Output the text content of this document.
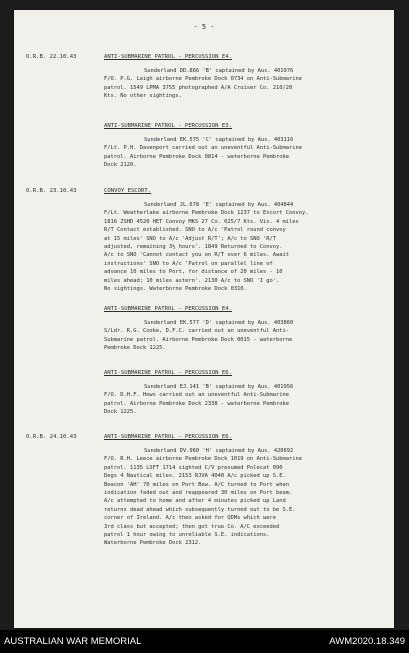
- 5 -
O.R.B. 22.10.43	ANTI-SUBMARINE PATROL - PERCUSSION E4.
Sunderland DD.866 'B' captained by Aus. 401976
F/O. P.G. Leigh airborne Pembroke Dock 0734 on Anti-Submarine
patrol. 1549 LPMA 3755 photographed A/A Cruiser Co. 210/20
Kts. No other sightings.
ANTI-SUBMARINE PATROL - PERCUSSION E3.
Sunderland EK.575 'C' captained by Aus. 403116
F/Lt. P.H. Davenport carried out an uneventful Anti-Submarine
patrol. Airborne Pembroke Dock 0814 - waterborne Pembroke
Dock 2120.
O.R.B. 23.10.43	CONVOY ESCORT.
Sunderland JL.678 'E' captained by Aus. 404844
F/Lt. Weatherlake airborne Pembroke Dock 1237 to Escort Convoy.
1816 ZSHD 4520 HET Convoy MKS 27 Co. 025/7 Kts. Vis. 4 miles
R/T Contact established. SNO to A/c 'Patrol round convoy
at 15 miles' SNO to A/c 'Adjust R/T'; A/c to SNO 'R/T
adjusted, remaining 3½ hours'. 1849 Returned to Convoy.
A/c to SNO 'Cannot contact you on R/T over 6 miles. Await
instructions' SNO to A/c 'Patrol on parallel line of
advance 10 miles to Port, for distance of 20 miles - 10
miles ahead; 10 miles astern'. 2130 A/c to SNO 'I go'.
No sightings. Waterborne Pembroke Dock 0310.
ANTI-SUBMARINE PATROL - PERCUSSION E4.
Sunderland EK.577 'D' captained by Aus. 403860
S/Ldr. R.G. Cooke, D.F.C. carried out an uneventful Anti-
Submarine patrol. Airborne Pembroke Dock 0015 - waterborne
Pembroke Dock 1225.
ANTI-SUBMARINE PATROL - PERCUSSION E6.
Sunderland EJ.141 'B' captained by Aus. 401956
F/O. D.H.F. Hows carried out an uneventful Anti-Submarine
patrol. Airborne Pembroke Dock 2338 - waterborne Pembroke
Dock 1225.
O.R.B. 24.10.43	ANTI-SUBMARINE PATROL - PERCUSSION E6.
Sunderland DV.960 'H' captained by Aus. 420692
F/O. R.H. Leece airborne Pembroke Dock 1019 on Anti-Submarine
patrol. 1135 LSFT 1714 sighted C/V presumed Polecat 090
Degs 4 Nautical miles. 2153 RJVA 4040 A/c picked up S.E.
Beacon 'AH' 70 miles on Port Bow. A/C turned to Port when
indication faded out and reappeared 30 miles on Port beam.
A/c attempted to home and after 4 minutes picked up Land
returns dead ahead which subsequently turned out to be S.E.
corner of Ireland. A/c then asked for QDMs which were
3rd class but accepted; then got true Co. A/C exceeded
patrol 1 hour owing to unreliable S.E. indications.
Waterborne Pembroke Dock 2312.
AUSTRALIAN WAR MEMORIAL	AWM2020.18.349
